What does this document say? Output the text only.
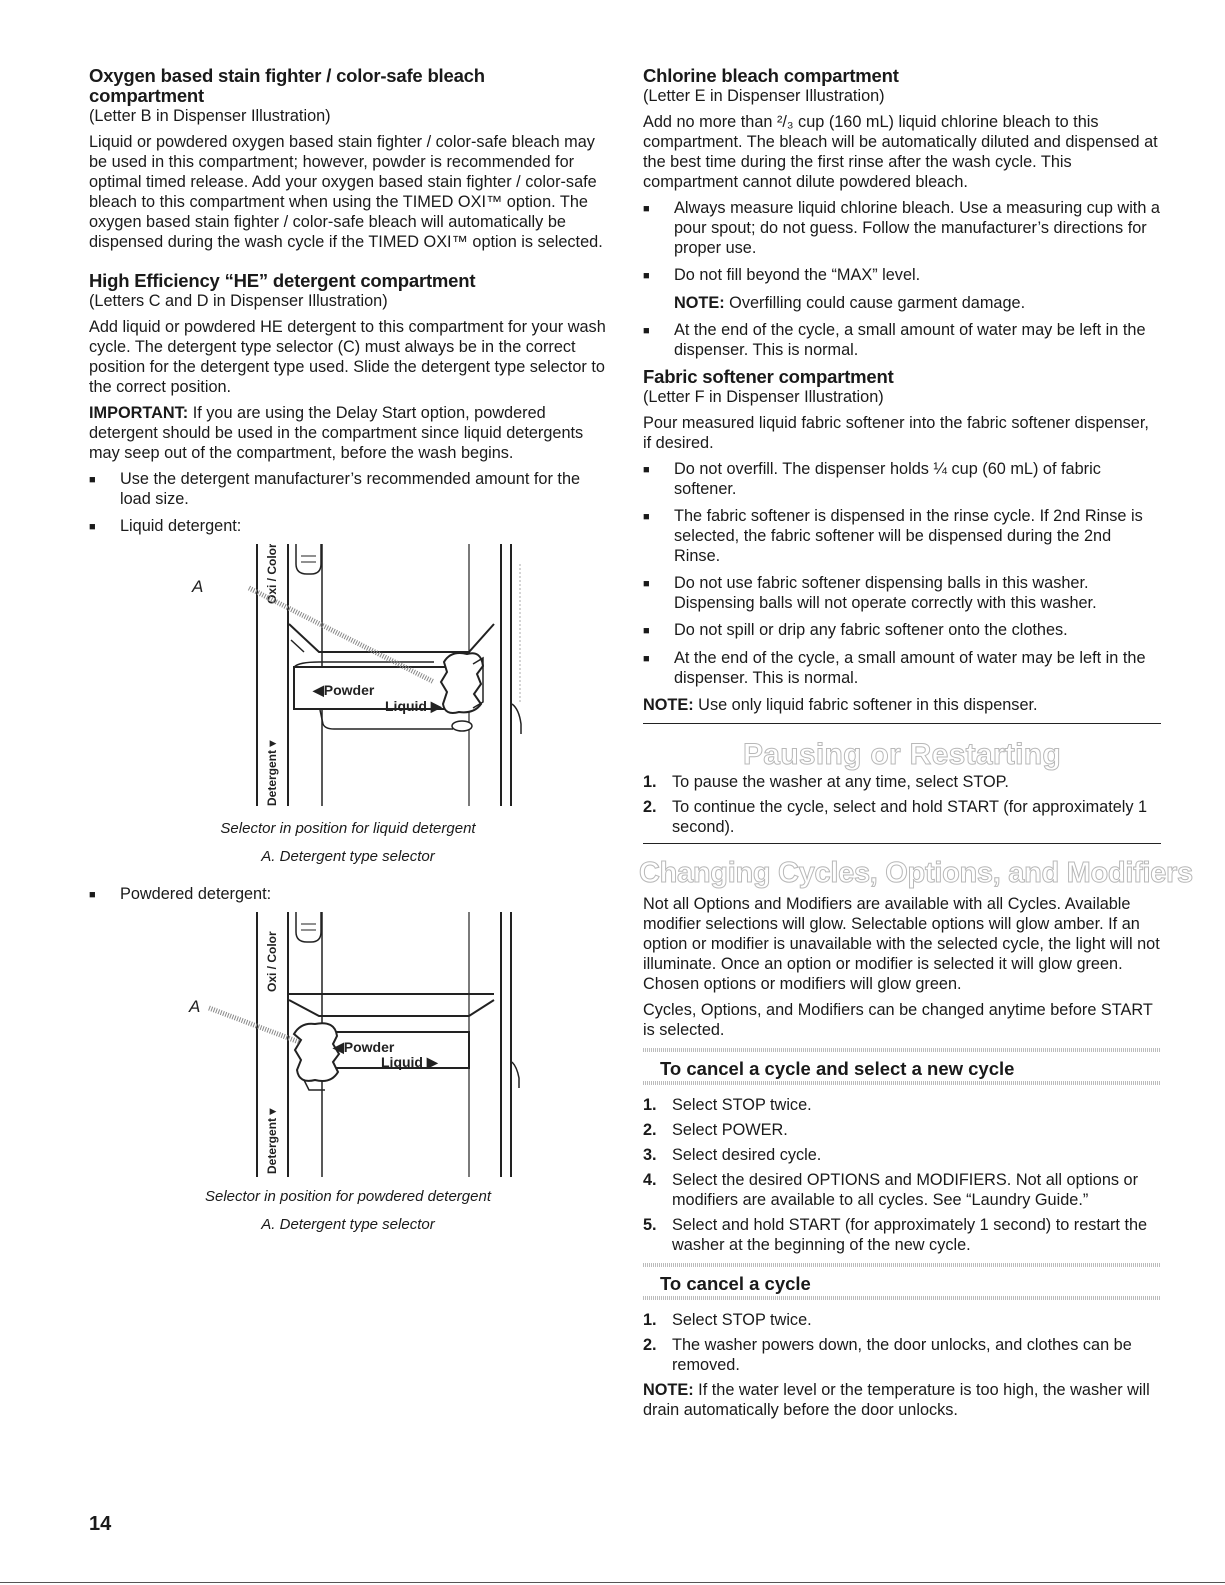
Oxygen based stain fighter / color-safe bleach compartment

(Letter B in Dispenser Illustration)

Liquid or powdered oxygen based stain fighter / color-safe bleach may be used in this compartment; however, powder is recommended for optimal timed release. Add your oxygen based stain fighter / color-safe bleach to this compartment when using the TIMED OXI™ option. The oxygen based stain fighter / color-safe bleach will automatically be dispensed during the wash cycle if the TIMED OXI™ option is selected.

High Efficiency “HE” detergent compartment

(Letters C and D in Dispenser Illustration)

Add liquid or powdered HE detergent to this compartment for your wash cycle. The detergent type selector (C) must always be in the correct position for the detergent type used. Slide the detergent type selector to the correct position.

IMPORTANT: If you are using the Delay Start option, powdered detergent should be used in the compartment since liquid detergents may seep out of the compartment, before the wash begins.

■	Use the detergent manufacturer’s recommended amount for the load size.
■	Liquid detergent:
Oxi / Color
Detergent ▾
◀Powder
Liquid ▶
A
Selector in position for liquid detergent
A. Detergent type selector
■	Powdered detergent:
Oxi / Color
Detergent ▾
◀Powder
Liquid ▶
A
Selector in position for powdered detergent
A. Detergent type selector
Chlorine bleach compartment

(Letter E in Dispenser Illustration)

Add no more than ²/₃ cup (160 mL) liquid chlorine bleach to this compartment. The bleach will be automatically diluted and dispensed at the best time during the first rinse after the wash cycle. This compartment cannot dilute powdered bleach.

■	Always measure liquid chlorine bleach. Use a measuring cup with a pour spout; do not guess. Follow the manufacturer’s directions for proper use.
■	Do not fill beyond the “MAX” level.
NOTE: Overfilling could cause garment damage.
■	At the end of the cycle, a small amount of water may be left in the dispenser. This is normal.
Fabric softener compartment

(Letter F in Dispenser Illustration)

Pour measured liquid fabric softener into the fabric softener dispenser, if desired.

■	Do not overfill. The dispenser holds ¼ cup (60 mL) of fabric softener.
■	The fabric softener is dispensed in the rinse cycle. If 2nd Rinse is selected, the fabric softener will be dispensed during the 2nd Rinse.
■	Do not use fabric softener dispensing balls in this washer. Dispensing balls will not operate correctly with this washer.
■	Do not spill or drip any fabric softener onto the clothes.
■	At the end of the cycle, a small amount of water may be left in the dispenser. This is normal.

NOTE: Use only liquid fabric softener in this dispenser.

Pausing or Restarting
1. To pause the washer at any time, select STOP.
2. To continue the cycle, select and hold START (for approximately 1 second).
Changing Cycles, Options, and Modifiers

Not all Options and Modifiers are available with all Cycles. Available modifier selections will glow. Selectable options will glow amber. If an option or modifier is unavailable with the selected cycle, the light will not illuminate. Once an option or modifier is selected it will glow green. Chosen options or modifiers will glow green.

Cycles, Options, and Modifiers can be changed anytime before START is selected.

To cancel a cycle and select a new cycle
1. Select STOP twice.
2. Select POWER.
3. Select desired cycle.
4. Select the desired OPTIONS and MODIFIERS. Not all options or modifiers are available to all cycles. See “Laundry Guide.”
5. Select and hold START (for approximately 1 second) to restart the washer at the beginning of the new cycle.
To cancel a cycle
1. Select STOP twice.
2. The washer powers down, the door unlocks, and clothes can be removed.

NOTE: If the water level or the temperature is too high, the washer will drain automatically before the door unlocks.

14
